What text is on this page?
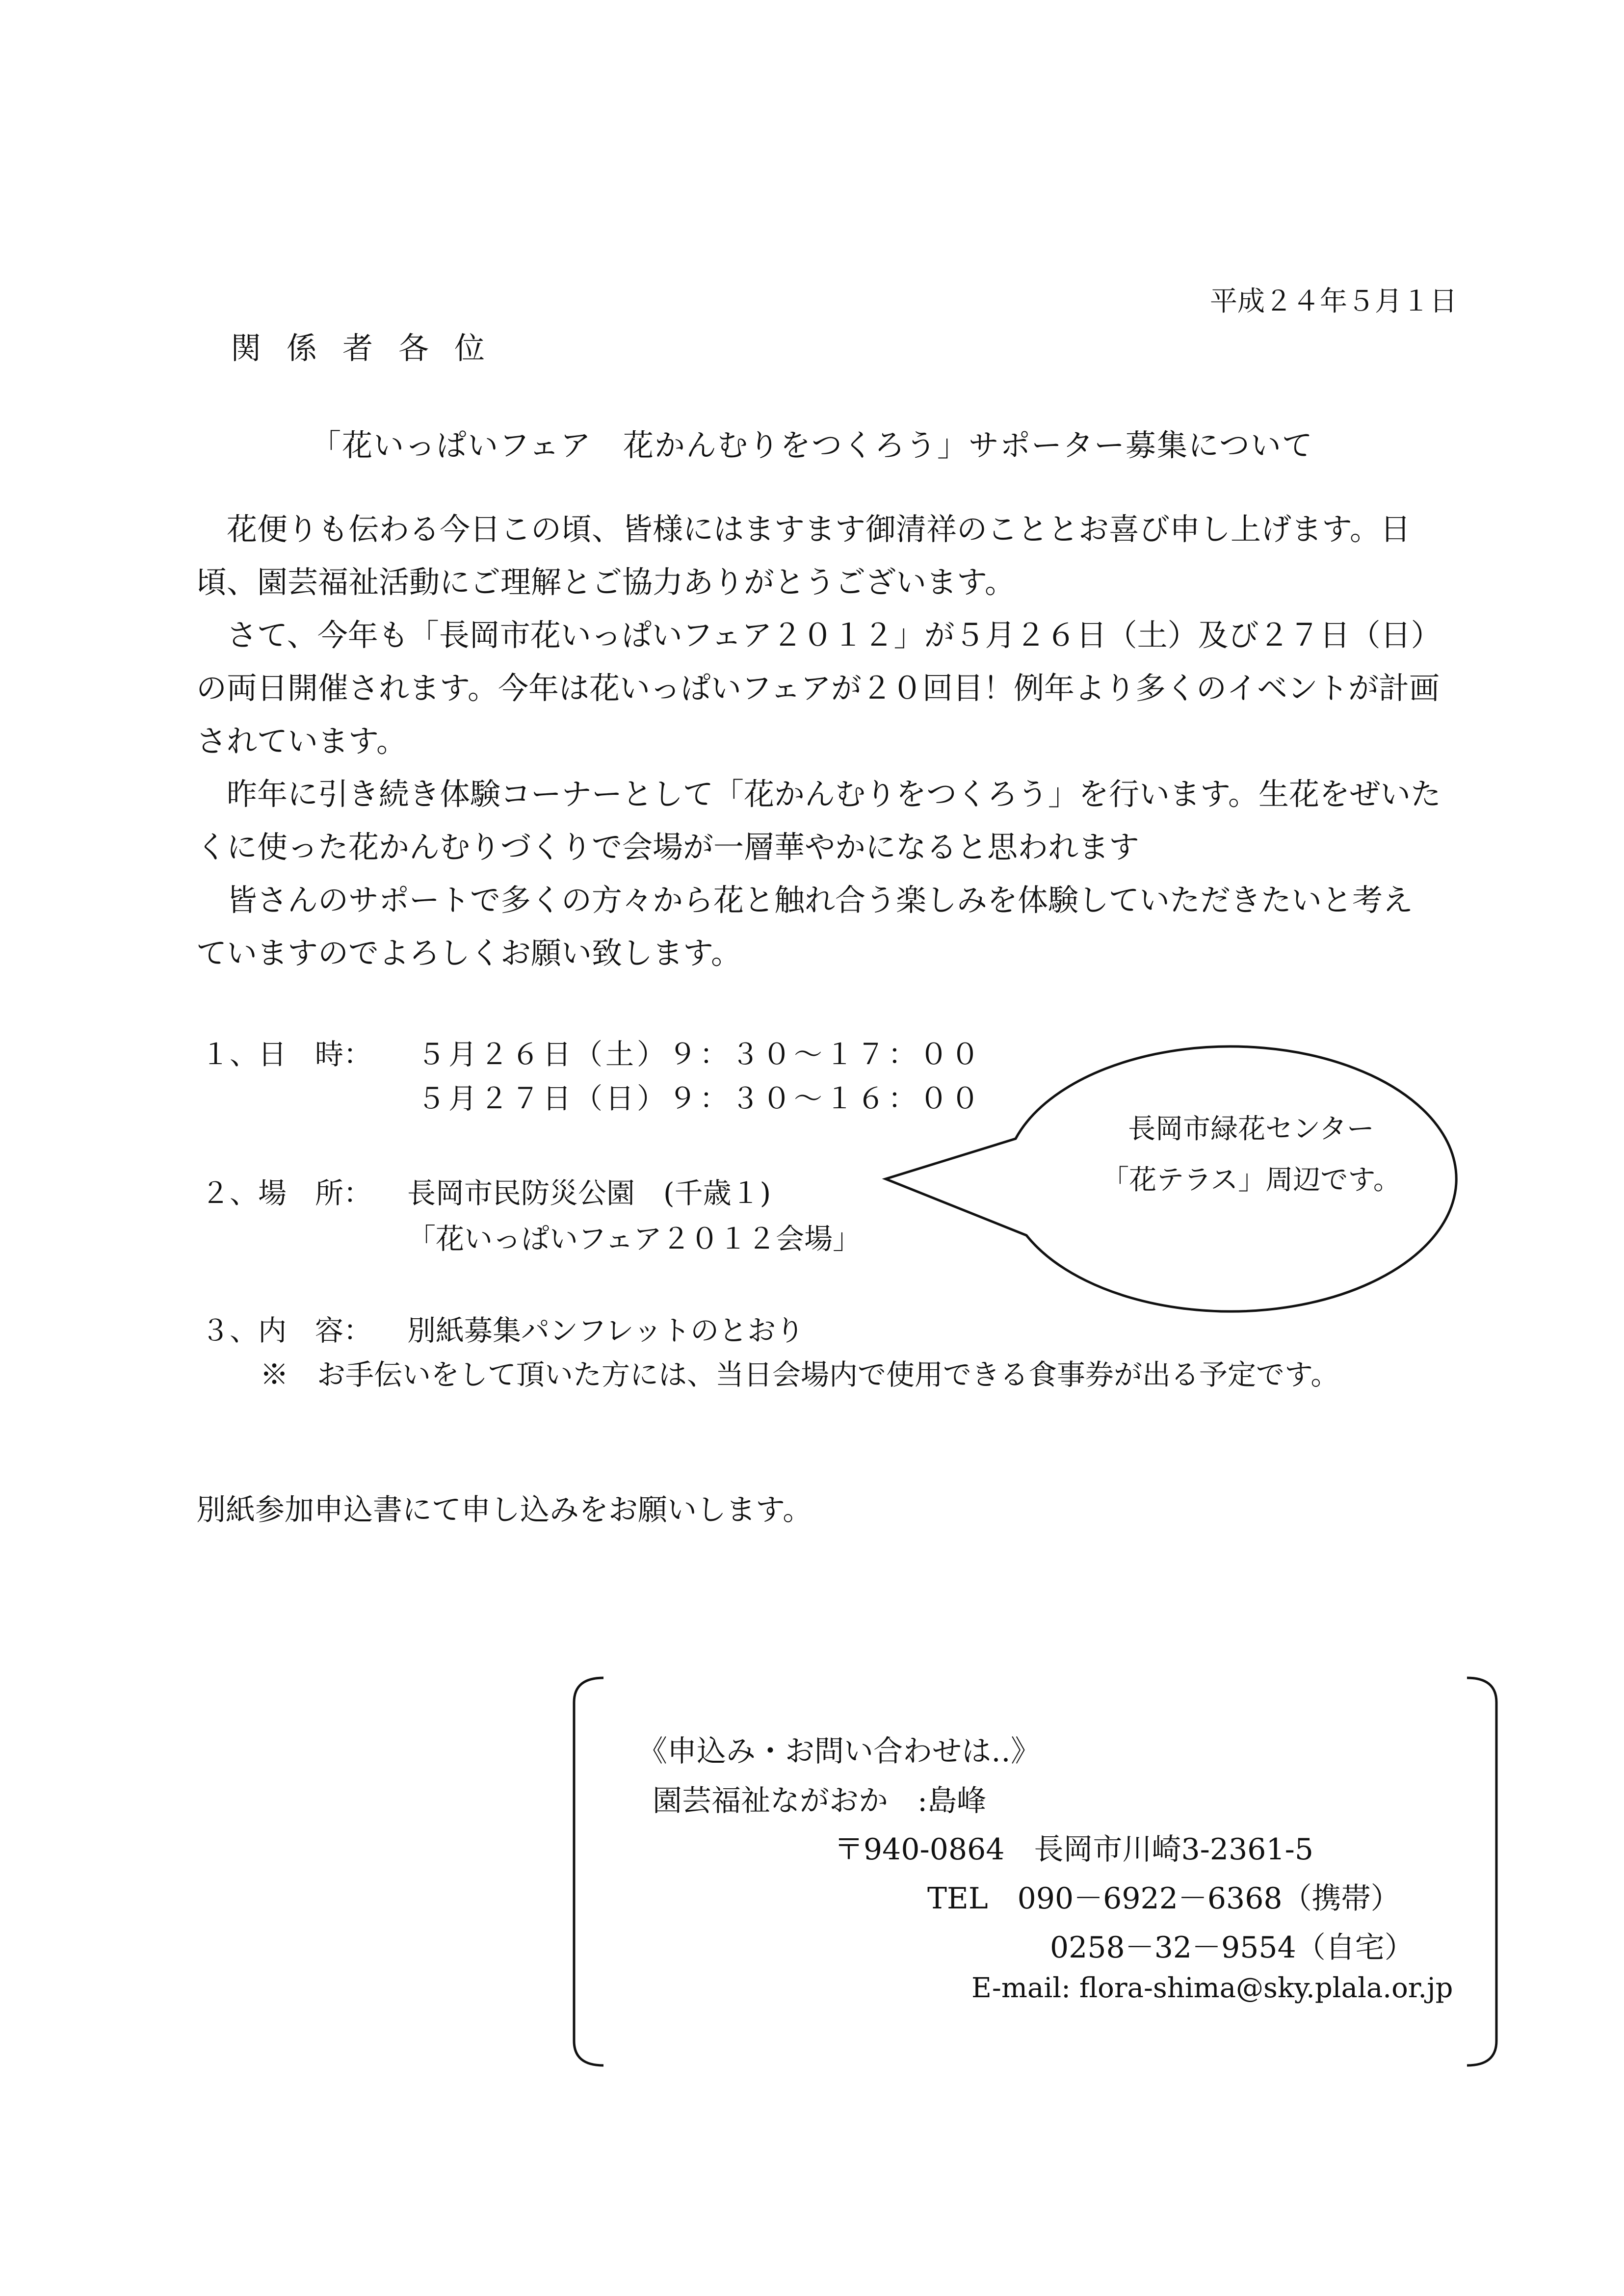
平成２４年５月１日
関係者各位
「花いっぱいフェア　花かんむりをつくろう」サポーター募集について

花便りも伝わる今日この頃、皆様にはますます御清祥のこととお喜び申し上げます。日頃、園芸福祉活動にご理解とご協力ありがとうございます。

さて、今年も「長岡市花いっぱいフェア２０１２」が５月２６日（土）及び２７日（日）の両日開催されます。今年は花いっぱいフェアが２０回目！例年より多くのイベントが計画されています。

昨年に引き続き体験コーナーとして「花かんむりをつくろう」を行います。生花をぜいたくに使った花かんむりづくりで会場が一層華やかになると思われます

皆さんのサポートで多くの方々から花と触れ合う楽しみを体験していただきたいと考えていますのでよろしくお願い致します。

１、日　時： ５月２６日（土）９：３０～１７：００
５月２７日（日）９：３０～１６：００
２、場　所： 長岡市民防災公園　(千歳１)
「花いっぱいフェア２０１２会場」
３、内　容： 別紙募集パンフレットのとおり
※　お手伝いをして頂いた方には、当日会場内で使用できる食事券が出る予定です。
長岡市緑花センター
「花テラス」周辺です。
別紙参加申込書にて申し込みをお願いします。
《申込み・お問い合わせは‥》
園芸福祉ながおか　:島峰
〒940-0864　長岡市川崎3-2361-5
TEL　090－6922－6368（携帯）
0258－32－9554（自宅）
E-mail: flora-shima@sky.plala.or.jp
